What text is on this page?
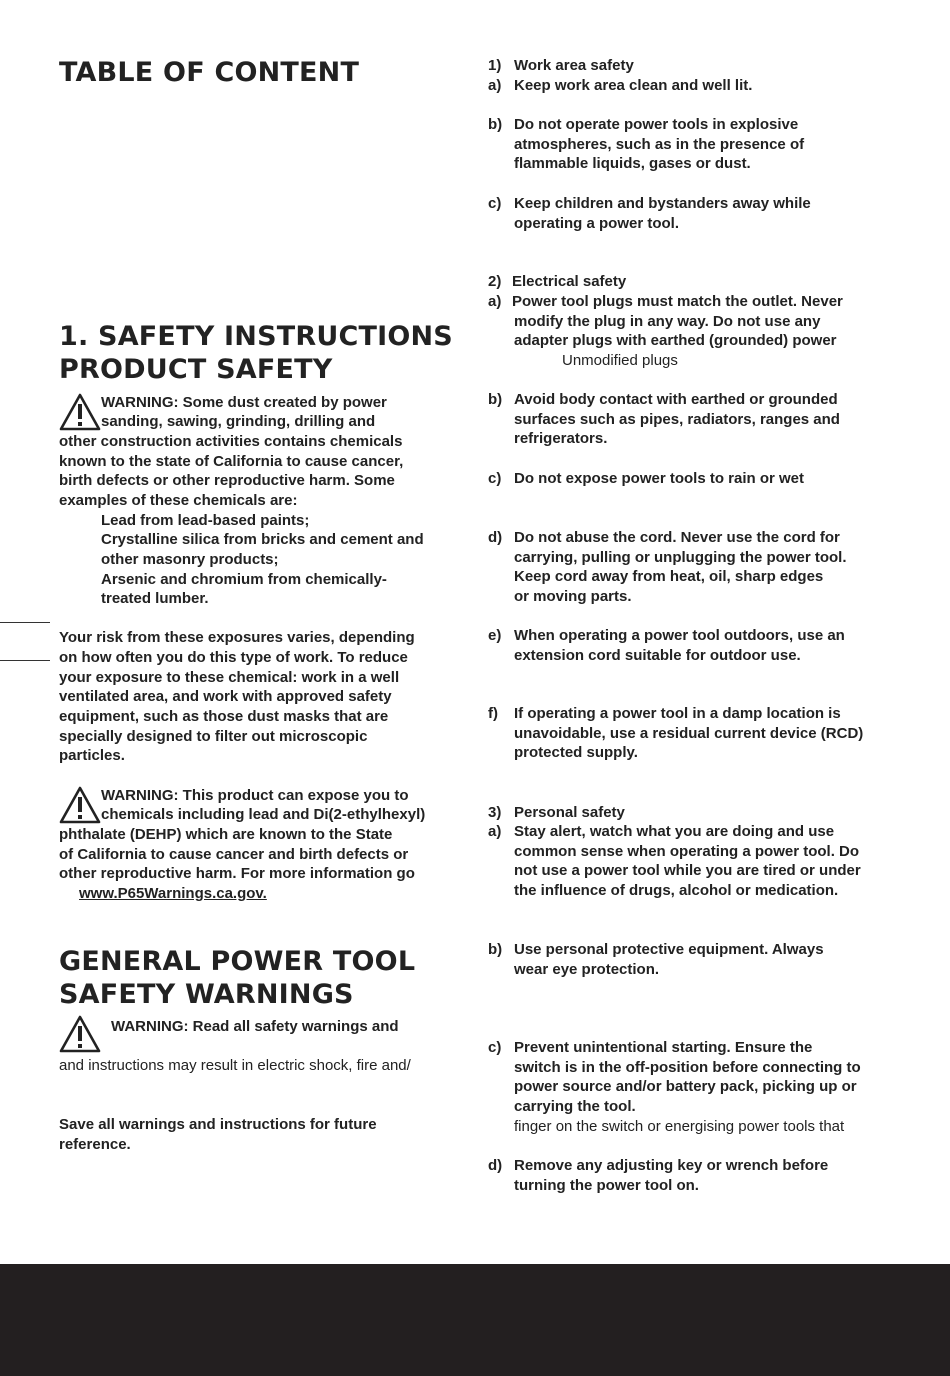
TABLE OF CONTENT
1. SAFETY INSTRUCTIONS
PRODUCT SAFETY
WARNING: Some dust created by power
sanding, sawing, grinding, drilling and
other construction activities contains chemicals
known to the state of California to cause cancer,
birth defects or other reproductive harm. Some
examples of these chemicals are:
Lead from lead-based paints;
Crystalline silica from bricks and cement and
other masonry products;
Arsenic and chromium from chemically-
treated lumber.
Your risk from these exposures varies, depending
on how often you do this type of work. To reduce
your exposure to these chemical: work in a well
ventilated area, and work with approved safety
equipment, such as those dust masks that are
specially designed to filter out microscopic
particles.
WARNING: This product can expose you to
chemicals including lead and Di(2-ethylhexyl)
phthalate (DEHP) which are known to the State
of California to cause cancer and birth defects or
other reproductive harm. For more information go
www.P65Warnings.ca.gov.
GENERAL POWER TOOL
SAFETY WARNINGS
WARNING: Read all safety warnings and
and instructions may result in electric shock, fire and/
Save all warnings and instructions for future
reference.
1) Work area safety
a) Keep work area clean and well lit.
b) Do not operate power tools in explosive
atmospheres, such as in the presence of
flammable liquids, gases or dust.
c) Keep children and bystanders away while
operating a power tool.
2) Electrical safety
a) Power tool plugs must match the outlet. Never
modify the plug in any way. Do not use any
adapter plugs with earthed (grounded) power
Unmodified plugs
b) Avoid body contact with earthed or grounded
surfaces such as pipes, radiators, ranges and
refrigerators.
c) Do not expose power tools to rain or wet
d) Do not abuse the cord. Never use the cord for
carrying, pulling or unplugging the power tool.
Keep cord away from heat, oil, sharp edges
or moving parts.
e) When operating a power tool outdoors, use an
extension cord suitable for outdoor use.
f) If operating a power tool in a damp location is
unavoidable, use a residual current device (RCD)
protected supply.
3) Personal safety
a) Stay alert, watch what you are doing and use
common sense when operating a power tool. Do
not use a power tool while you are tired or under
the influence of drugs, alcohol or medication.
b) Use personal protective equipment. Always
wear eye protection.
c) Prevent unintentional starting. Ensure the
switch is in the off-position before connecting to
power source and/or battery pack, picking up or
carrying the tool.
finger on the switch or energising power tools that
d) Remove any adjusting key or wrench before
turning the power tool on.
